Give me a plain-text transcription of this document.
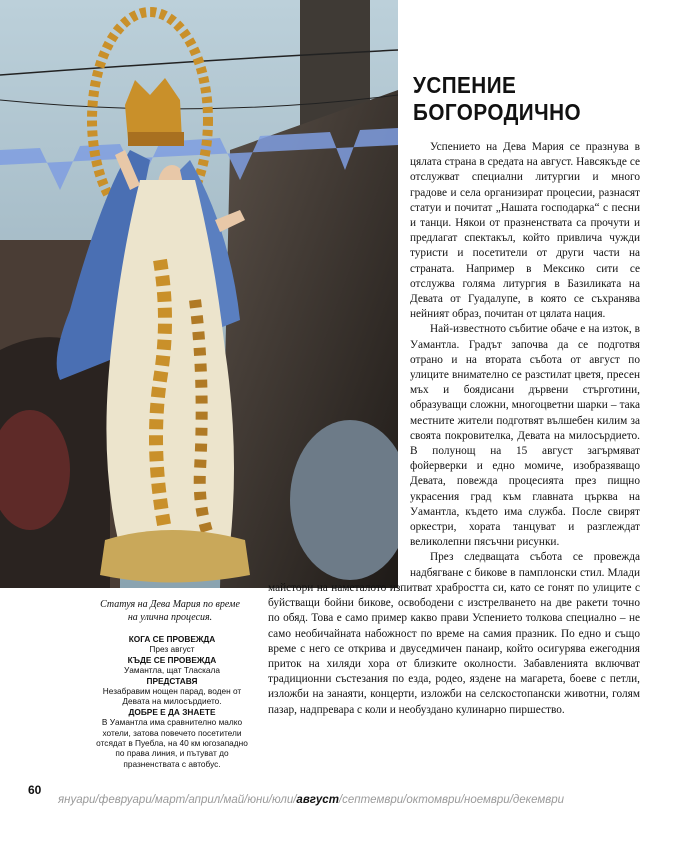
УСПЕНИЕ
БОГОРОДИЧНО

Успението на Дева Мария се празнува в цялата страна в средата на август. Навсякъде се отслужват специални литургии и много градове и села организират процесии, разнасят статуи и почитат „Нашата господарка“ с песни и танци. Някои от празненствата са прочути и предлагат спектакъл, който привлича чужди туристи и посетители от други части на страната. Например в Мексико сити се отслужва голяма литургия в Базиликата на Девата от Гуадалупе, в която се съхранява нейният образ, почитан от цялата нация.

Най-известното събитие обаче е на изток, в Уамантла. Градът започва да се подготвя отрано и на втората събота от август по улиците внимателно се разстилат цветя, пресен мъх и боядисани дървени стърготини, образуващи сложни, многоцветни шарки – така местните жители подготвят вълшебен килим за своята покровителка, Девата на милосърдието. В полунощ на 15 август загърмяват фойерверки и едно момиче, изобразяващо Девата, повежда процесията през пищно украсения град към главната църква на Уамантла, където има служба. После свирят оркестри, хората танцуват и разглеждат великолепни пясъчни рисунки.

През следващата събота се провежда надбягване с бикове в памплонски стил. Млади майстори на наметалото изпитват храбростта си, като се гонят по улиците с буйстващи бойни бикове, освободени с изстрелването на две ракети точно по обяд. Това е само пример какво прави Успението толкова специално – не само необичайната набожност по време на самия празник. По едно и също време с него се открива и двуседмичен панаир, който осигурява ежегодния приток на хиляди хора от близките околности. Забавленията включват традиционни състезания по езда, родео, яздене на магарета, боеве с петли, изложби на занаяти, концерти, изложби на селскостопански животни, голям пазар, надпревара с коли и необуздано кулинарно пиршество.

Статуя на Дева Мария по време на улична процесия.

КОГА СЕ ПРОВЕЖДА
През август
КЪДЕ СЕ ПРОВЕЖДА
Уамантла, щат Тласкала
ПРЕДСТАВЯ
Незабравим нощен парад, воден от Девата на милосърдието.
ДОБРЕ Е ДА ЗНАЕТЕ
В Уамантла има сравнително малко хотели, затова повечето посетители отсядат в Пуебла, на 40 км югозападно по права линия, и пътуват до празненствата с автобус.
60
януари/февруари/март/април/май/юни/юли/август/септември/октомври/ноември/декември
